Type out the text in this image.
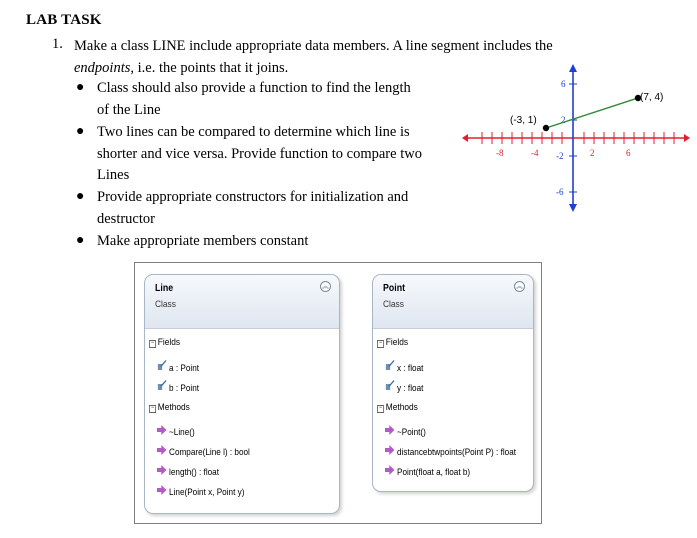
LAB TASK
1. Make a class LINE include appropriate data members. A line segment includes the
endpoints, i.e. the points that it joins.
● Class should also provide a function to find the length
of the Line
● Two lines can be compared to determine which line is
shorter and vice versa. Provide function to compare two
Lines
● Provide appropriate constructors for initialization and
destructor
● Make appropriate members constant
-8	-4	2	6
6
2
-2
-6
(-3, 1)
(7, 4)
Line
Class
︽
− Fields
a : Point
b : Point
− Methods
~Line()
Compare(Line l) : bool
length() : float
Line(Point x, Point y)
Point
Class
︽
− Fields
x : float
y : float
− Methods
~Point()
distancebtwpoints(Point P) : float
Point(float a, float b)
